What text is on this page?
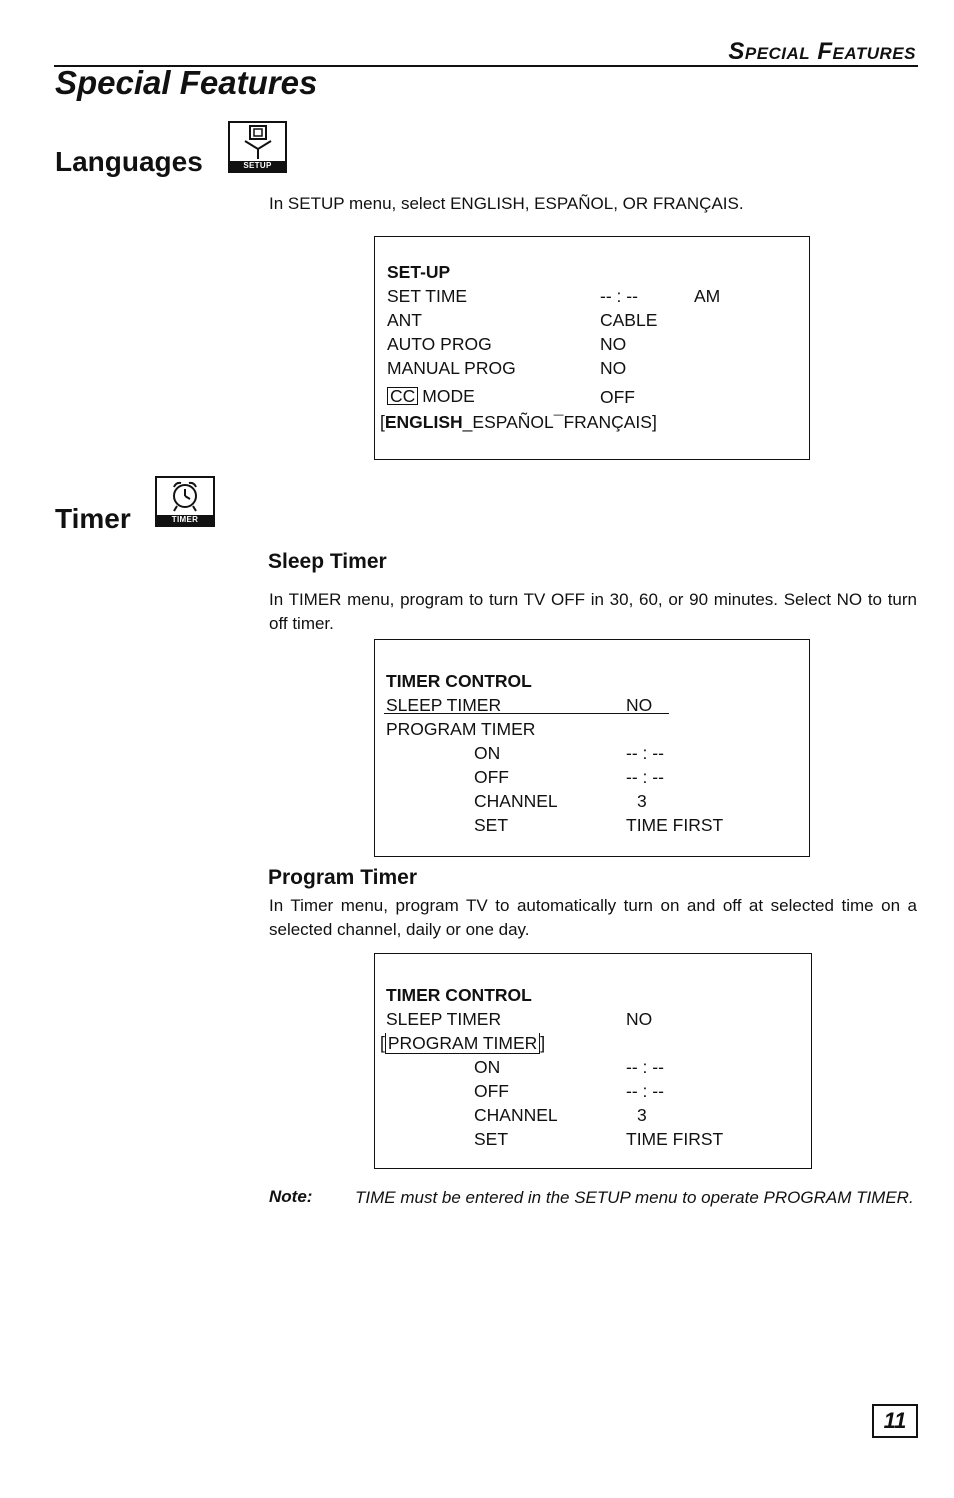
Special Features
Special Features
Languages	SETUP
In SETUP menu, select ENGLISH, ESPAÑOL, OR FRANÇAIS.
SET-UP
SET TIME	-- : --	AM
ANT	CABLE
AUTO PROG	NO
MANUAL PROG	NO
CC MODE	OFF
[ENGLISH_ESPAÑOL¯FRANÇAIS]
Timer	TIMER
Sleep Timer
In TIMER menu, program to turn TV OFF in 30, 60, or 90 minutes. Select NO to turn off timer.
TIMER CONTROL
SLEEP TIMER	NO
PROGRAM TIMER
ON	-- : --
OFF	-- : --
CHANNEL	3
SET	TIME FIRST
Program Timer
In Timer menu, program TV to automatically turn on and off at selected time on a selected channel, daily or one day.
TIMER CONTROL
SLEEP TIMER	NO
[ PROGRAM TIMER ]
ON	-- : --
OFF	-- : --
CHANNEL	3
SET	TIME FIRST
Note:	TIME must be entered in the SETUP menu to operate PROGRAM TIMER.
11
